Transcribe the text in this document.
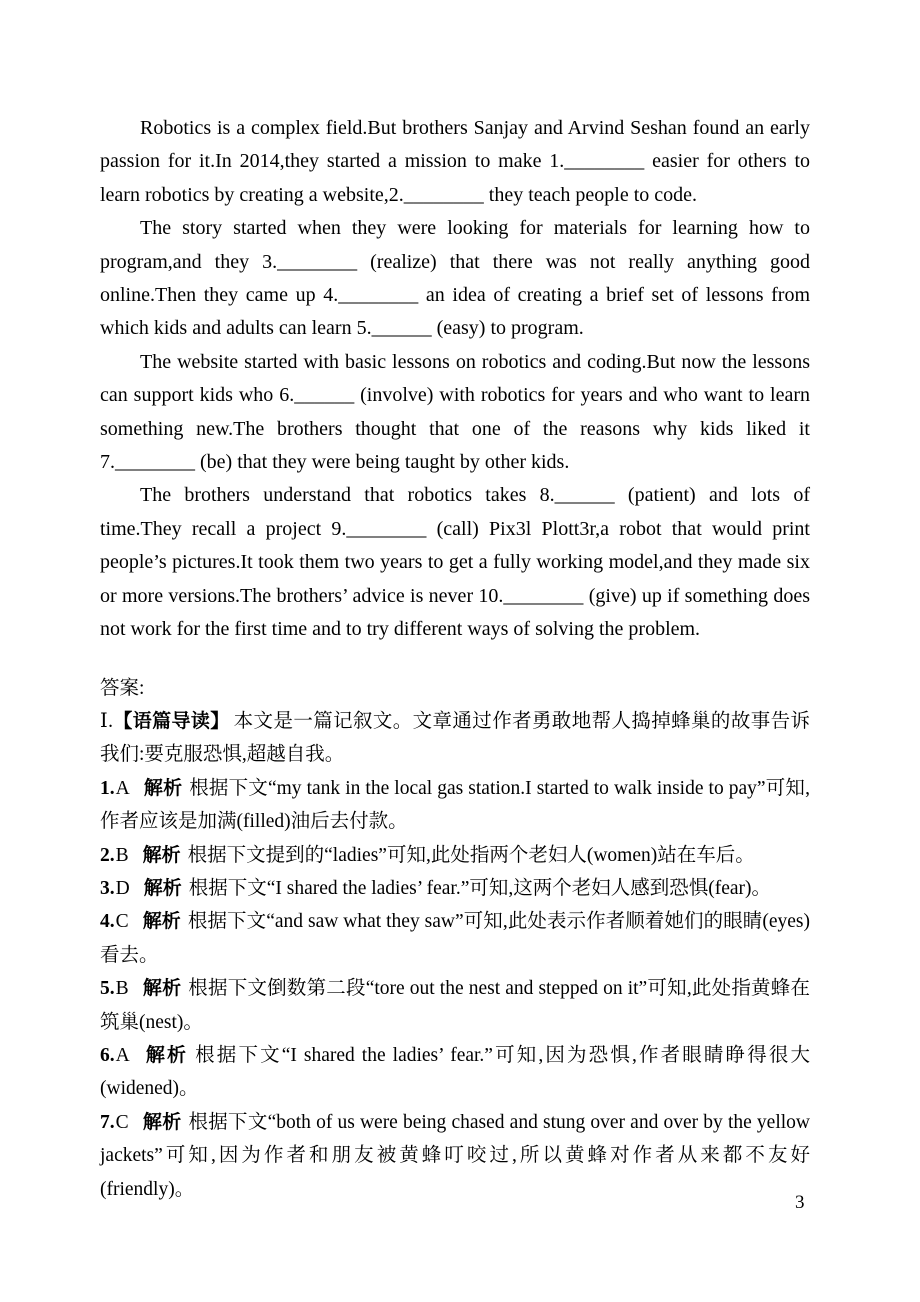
Robotics is a complex field.But brothers Sanjay and Arvind Seshan found an early passion for it.In 2014,they started a mission to make 1.________ easier for others to learn robotics by creating a website,2.________ they teach people to code.

The story started when they were looking for materials for learning how to program,and they 3.________ (realize) that there was not really anything good online.Then they came up 4.________ an idea of creating a brief set of lessons from which kids and adults can learn 5.______ (easy) to program.

The website started with basic lessons on robotics and coding.But now the lessons can support kids who 6.______ (involve) with robotics for years and who want to learn something new.The brothers thought that one of the reasons why kids liked it 7.________ (be) that they were being taught by other kids.

The brothers understand that robotics takes 8.______ (patient) and lots of time.They recall a project 9.________ (call) Pix3l Plott3r,a robot that would print people’s pictures.It took them two years to get a fully working model,and they made six or more versions.The brothers’ advice is never 10.________ (give) up if something does not work for the first time and to try different ways of solving the problem.

答案:

Ⅰ.【语篇导读】 本文是一篇记叙文。文章通过作者勇敢地帮人捣掉蜂巢的故事告诉我们:要克服恐惧,超越自我。

1.A 解析 根据下文“my tank in the local gas station.I started to walk inside to pay”可知,作者应该是加满(filled)油后去付款。

2.B 解析 根据下文提到的“ladies”可知,此处指两个老妇人(women)站在车后。

3.D 解析 根据下文“I shared the ladies’ fear.”可知,这两个老妇人感到恐惧(fear)。

4.C 解析 根据下文“and saw what they saw”可知,此处表示作者顺着她们的眼睛(eyes)看去。

5.B 解析 根据下文倒数第二段“tore out the nest and stepped on it”可知,此处指黄蜂在筑巢(nest)。

6.A 解析 根据下文“I shared the ladies’ fear.”可知,因为恐惧,作者眼睛睁得很大(widened)。

7.C 解析 根据下文“both of us were being chased and stung over and over by the yellow jackets”可知,因为作者和朋友被黄蜂叮咬过,所以黄蜂对作者从来都不友好(friendly)。

3
